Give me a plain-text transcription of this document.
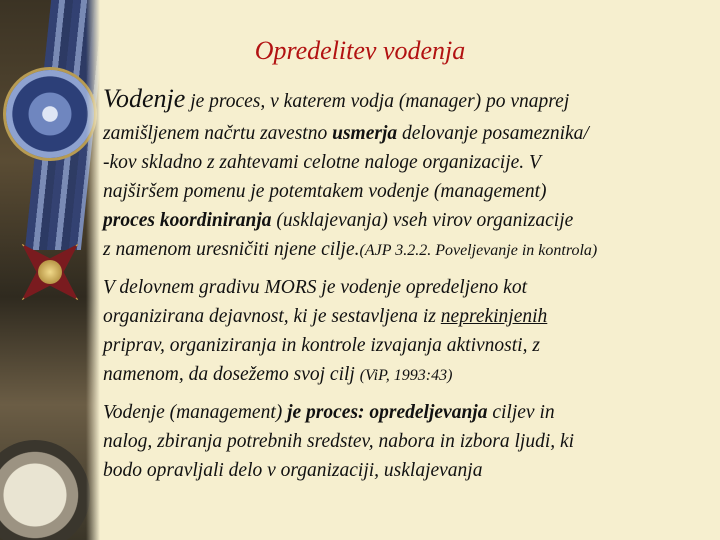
Opredelitev vodenja

Vodenje je proces, v katerem vodja (manager) po vnaprej
zamišljenem načrtu zavestno usmerja delovanje posameznika/
-kov skladno z zahtevami celotne naloge organizacije. V
najširšem pomenu je potemtakem vodenje (management)
proces koordiniranja (usklajevanja) vseh virov organizacije
z namenom uresničiti njene cilje.(AJP 3.2.2. Poveljevanje in kontrola)

V delovnem gradivu MORS je vodenje opredeljeno kot
organizirana dejavnost, ki je sestavljena iz neprekinjenih
priprav, organiziranja in kontrole izvajanja aktivnosti, z
namenom, da dosežemo svoj cilj (ViP, 1993:43)

Vodenje (management) je proces: opredeljevanja ciljev in
nalog, zbiranja potrebnih sredstev, nabora in izbora ljudi, ki
bodo opravljali delo v organizaciji, usklajevanja
